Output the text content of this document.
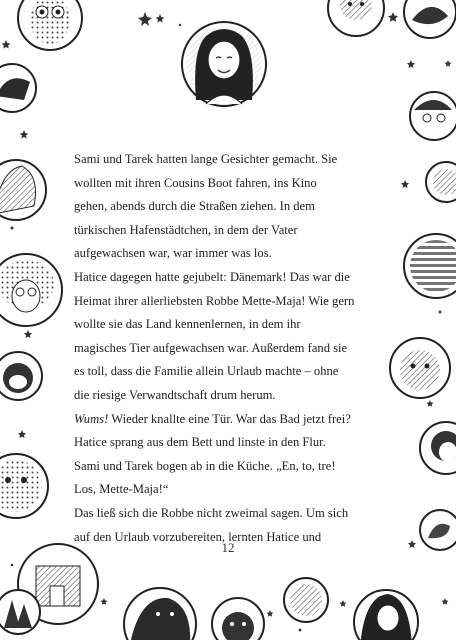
Sami und Tarek hatten lange Gesichter gemacht. Sie
wollten mit ihren Cousins Boot fahren, ins Kino
gehen, abends durch die Straßen ziehen. In dem
türkischen Hafenstädtchen, in dem der Vater
aufgewachsen war, war immer was los.

Hatice dagegen hatte gejubelt: Dänemark! Das war die
Heimat ihrer allerliebsten Robbe Mette-Maja! Wie gern
wollte sie das Land kennenlernen, in dem ihr
magisches Tier aufgewachsen war. Außerdem fand sie
es toll, dass die Familie allein Urlaub machte – ohne
die riesige Verwandtschaft drum herum.

Wums! Wieder knallte eine Tür. War das Bad jetzt frei?
Hatice sprang aus dem Bett und linste in den Flur.
Sami und Tarek bogen ab in die Küche. „En, to, tre!
Los, Mette-Maja!“

Das ließ sich die Robbe nicht zweimal sagen. Um sich
auf den Urlaub vorzubereiten, lernten Hatice und

12
